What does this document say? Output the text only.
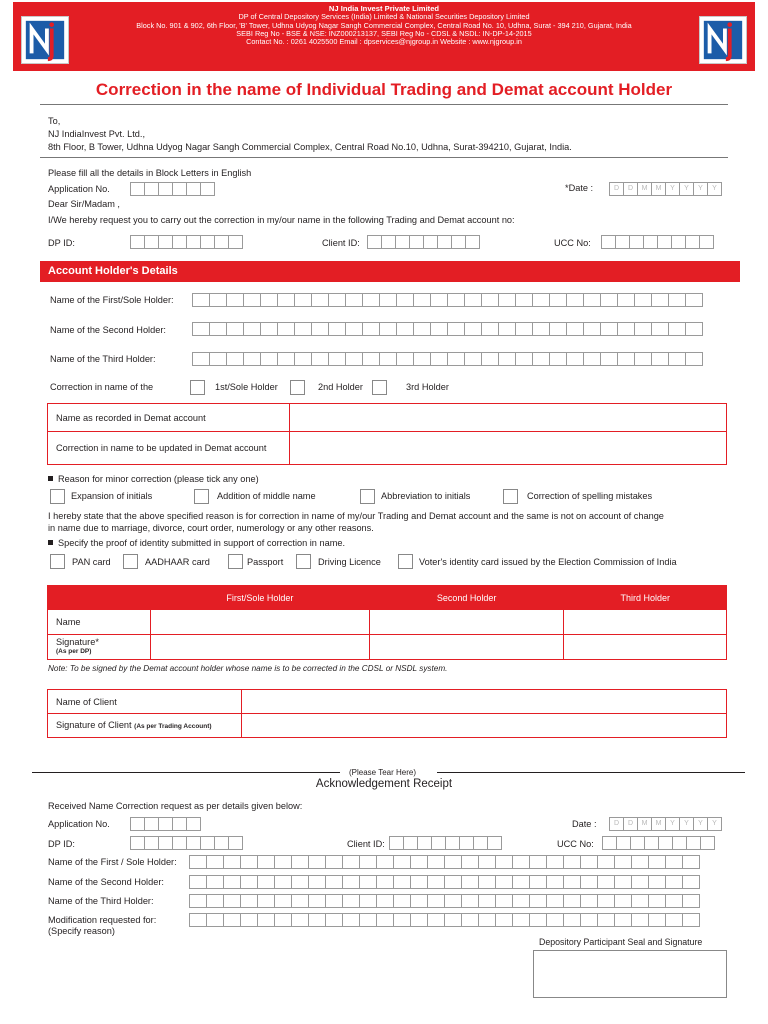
NJ India Invest Private Limited
DP of Central Depository Services (India) Limited & National Securities Depository Limited
Block No. 901 & 902, 6th Floor, 'B' Tower, Udhna Udyog Nagar Sangh Commercial Complex, Central Road No. 10, Udhna, Surat - 394 210, Gujarat, India
SEBI Reg No - BSE & NSE: INZ000213137, SEBI Reg No - CDSL & NSDL: IN-DP-14-2015
Contact No. : 0261 4025500 Email : dpservices@njgroup.in Website : www.njgroup.in
Correction in the name of Individual Trading and Demat account Holder
To,
NJ IndiaInvest Pvt. Ltd.,
8th Floor, B Tower, Udhna Udyog Nagar Sangh Commercial Complex, Central Road No.10, Udhna, Surat-394210, Gujarat, India.
Please fill all the details in Block Letters in English
Application No.	*Date :	D	D	M	M	Y	Y	Y	Y
Dear Sir/Madam ,
I/We hereby request you to carry out the correction in my/our name in the following Trading and Demat account no:
DP ID:	Client ID:	UCC No:
Account Holder's Details
Name of the First/Sole Holder:
Name of the Second Holder:
Name of the Third Holder:
Correction in name of the	1st/Sole Holder	2nd Holder	3rd Holder
Name as recorded in Demat account	
Correction in name to be updated in Demat account	
Reason for minor correction (please tick any one)
Expansion of initials	Addition of middle name	Abbreviation to initials	Correction of spelling mistakes
I hereby state that the above specified reason is for correction in name of my/our Trading and Demat account and the same is not on account of change
in name due to marriage, divorce, court order, numerology or any other reasons.
Specify the proof of identity submitted in support of correction in name.
PAN card	AADHAAR card	Passport	Driving Licence	Voter's identity card issued by the Election Commission of India
	First/Sole Holder	Second Holder	Third Holder
Name			

Signature*
(As per DP)			

Note: To be signed by the Demat account holder whose name is to be corrected in the CDSL or NSDL system.
Name of Client	
Signature of Client (As per Trading Account)	
(Please Tear Here)
Acknowledgement Receipt
Received Name Correction request as per details given below:
Application No.	Date :	D	D	M	M	Y	Y	Y	Y
DP ID:	Client ID:	UCC No:
Name of the First / Sole Holder:
Name of the Second Holder:
Name of the Third Holder:
Modification requested for:
(Specify reason)
Depository Participant Seal and Signature
